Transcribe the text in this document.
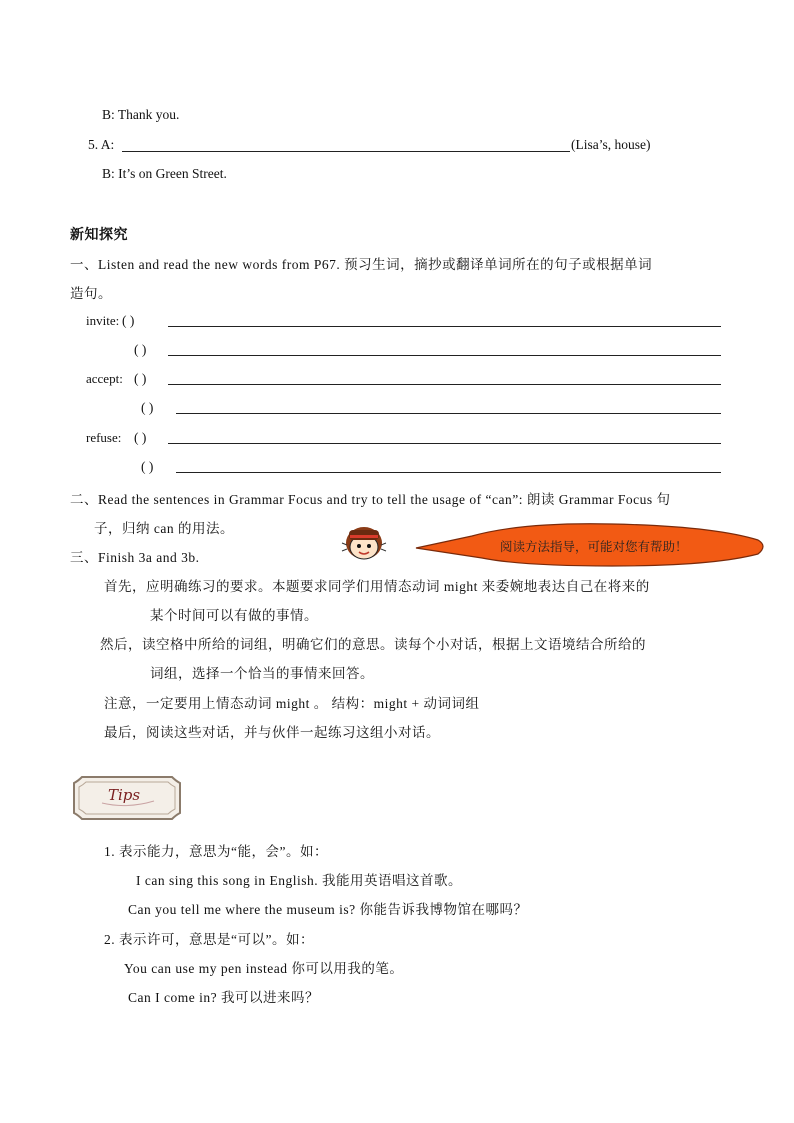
B: Thank you.
5. A:	(Lisa’s, house)
B: It’s on Green Street.
新知探究
一、Listen and read the new words from P67. 预习生词，摘抄或翻译单词所在的句子或根据单词
造句。
invite: ( )
( )
accept: ( )
( )
refuse: ( )
( )
二、Read the sentences in Grammar Focus and try to tell the usage of “can”: 朗读 Grammar Focus 句
子，归纳 can 的用法。
三、Finish 3a and 3b.
阅读方法指导，可能对您有帮助！
首先，应明确练习的要求。本题要求同学们用情态动词 might 来委婉地表达自己在将来的
某个时间可以有做的事情。
然后，读空格中所给的词组，明确它们的意思。读每个小对话，根据上文语境结合所给的
词组，选择一个恰当的事情来回答。
注意，一定要用上情态动词 might 。 结构：might + 动词词组
最后，阅读这些对话，并与伙伴一起练习这组小对话。
Tips
1. 表示能力，意思为“能，会”。如：
I can sing this song in English. 我能用英语唱这首歌。
Can you tell me where the museum is? 你能告诉我博物馆在哪吗？
2. 表示许可，意思是“可以”。如：
You can use my pen instead 你可以用我的笔。
Can I come in? 我可以进来吗？
